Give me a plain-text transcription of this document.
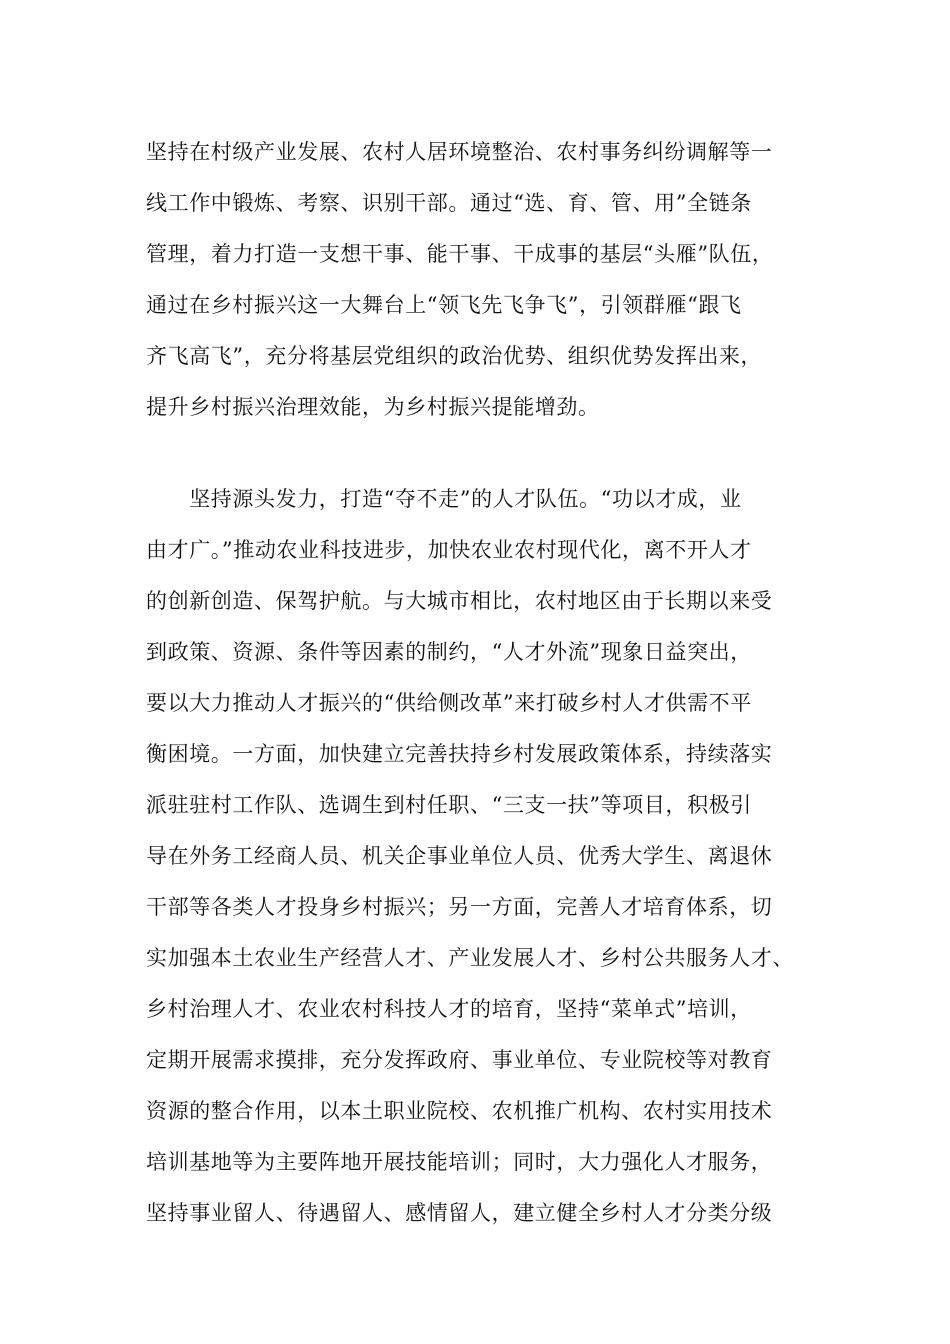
坚持在村级产业发展、农村人居环境整治、农村事务纠纷调解等一
线工作中锻炼、考察、识别干部。通过“选、育、管、用”全链条
管理，着力打造一支想干事、能干事、干成事的基层“头雁”队伍，
通过在乡村振兴这一大舞台上“领飞先飞争飞”，引领群雁“跟飞
齐飞高飞”，充分将基层党组织的政治优势、组织优势发挥出来，
提升乡村振兴治理效能，为乡村振兴提能增劲。
　　坚持源头发力，打造“夺不走”的人才队伍。“功以才成，业
由才广。”推动农业科技进步，加快农业农村现代化，离不开人才
的创新创造、保驾护航。与大城市相比，农村地区由于长期以来受
到政策、资源、条件等因素的制约，“人才外流”现象日益突出，
要以大力推动人才振兴的“供给侧改革”来打破乡村人才供需不平
衡困境。一方面，加快建立完善扶持乡村发展政策体系，持续落实
派驻驻村工作队、选调生到村任职、“三支一扶”等项目，积极引
导在外务工经商人员、机关企事业单位人员、优秀大学生、离退休
干部等各类人才投身乡村振兴；另一方面，完善人才培育体系，切
实加强本土农业生产经营人才、产业发展人才、乡村公共服务人才、
乡村治理人才、农业农村科技人才的培育，坚持“菜单式”培训，
定期开展需求摸排，充分发挥政府、事业单位、专业院校等对教育
资源的整合作用，以本土职业院校、农机推广机构、农村实用技术
培训基地等为主要阵地开展技能培训；同时，大力强化人才服务，
坚持事业留人、待遇留人、感情留人，建立健全乡村人才分类分级
